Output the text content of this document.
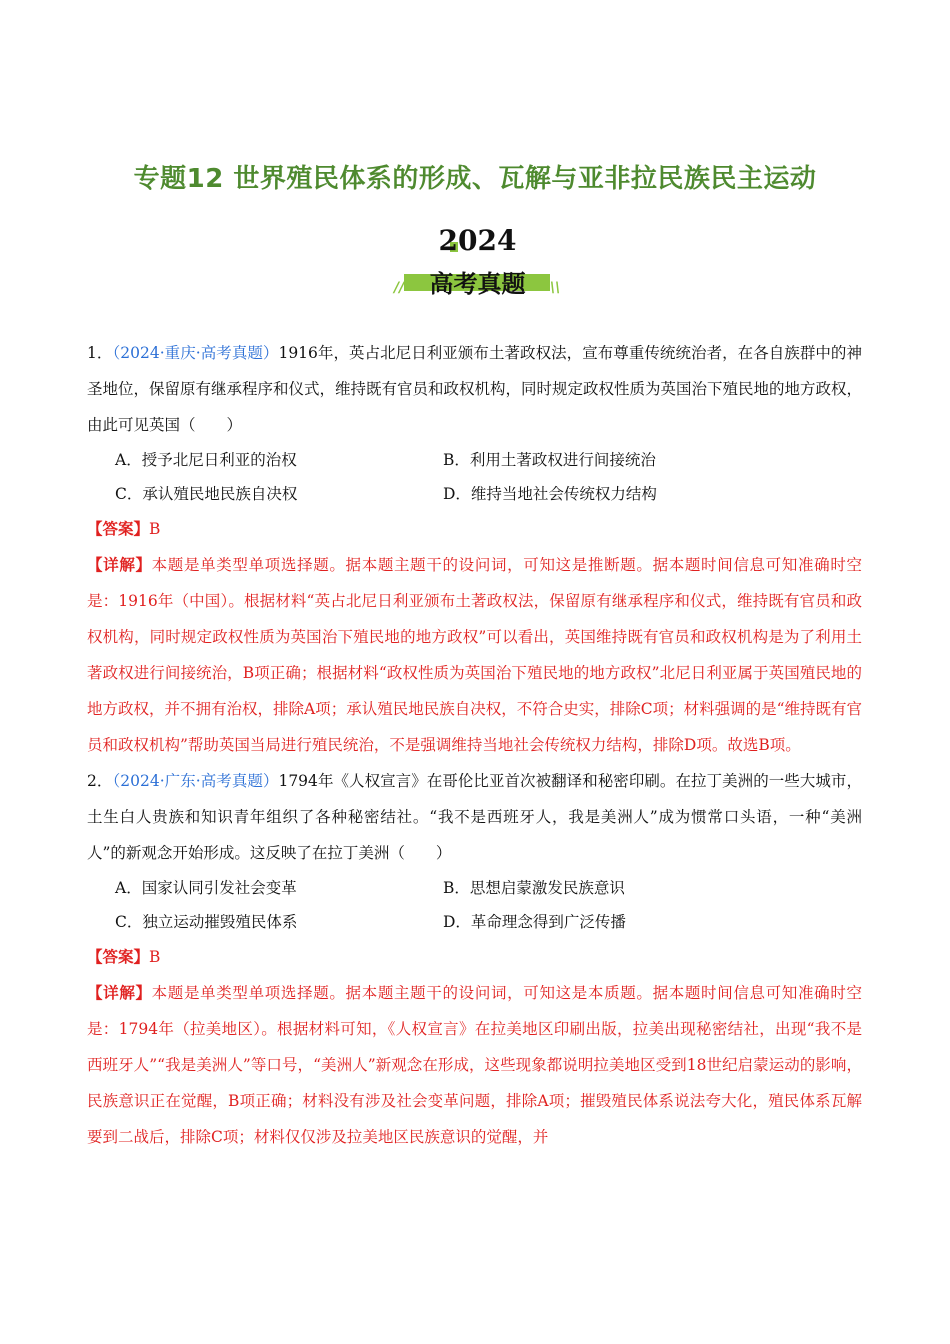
专题12 世界殖民体系的形成、瓦解与亚非拉民族民主运动
//	\\
2024
高考真题

1．（2024·重庆·高考真题）1916年，英占北尼日利亚颁布土著政权法，宣布尊重传统统治者，在各自族群中的神圣地位，保留原有继承程序和仪式，维持既有官员和政权机构，同时规定政权性质为英国治下殖民地的地方政权，由此可见英国（　　）

A．授予北尼日利亚的治权	B．利用土著政权进行间接统治
C．承认殖民地民族自决权	D．维持当地社会传统权力结构

【答案】B

【详解】本题是单类型单项选择题。据本题主题干的设问词，可知这是推断题。据本题时间信息可知准确时空是：1916年（中国）。根据材料“英占北尼日利亚颁布土著政权法，保留原有继承程序和仪式，维持既有官员和政权机构，同时规定政权性质为英国治下殖民地的地方政权”可以看出，英国维持既有官员和政权机构是为了利用土著政权进行间接统治，B项正确；根据材料“政权性质为英国治下殖民地的地方政权”北尼日利亚属于英国殖民地的地方政权，并不拥有治权，排除A项；承认殖民地民族自决权，不符合史实，排除C项；材料强调的是“维持既有官员和政权机构”帮助英国当局进行殖民统治，不是强调维持当地社会传统权力结构，排除D项。故选B项。

2．（2024·广东·高考真题）1794年《人权宣言》在哥伦比亚首次被翻译和秘密印刷。在拉丁美洲的一些大城市，土生白人贵族和知识青年组织了各种秘密结社。“我不是西班牙人，我是美洲人”成为惯常口头语，一种“美洲人”的新观念开始形成。这反映了在拉丁美洲（　　）

A．国家认同引发社会变革	B．思想启蒙激发民族意识
C．独立运动摧毁殖民体系	D．革命理念得到广泛传播

【答案】B

【详解】本题是单类型单项选择题。据本题主题干的设问词，可知这是本质题。据本题时间信息可知准确时空是：1794年（拉美地区）。根据材料可知，《人权宣言》在拉美地区印刷出版，拉美出现秘密结社，出现“我不是西班牙人”“我是美洲人”等口号，“美洲人”新观念在形成，这些现象都说明拉美地区受到18世纪启蒙运动的影响，民族意识正在觉醒，B项正确；材料没有涉及社会变革问题，排除A项；摧毁殖民体系说法夸大化，殖民体系瓦解要到二战后，排除C项；材料仅仅涉及拉美地区民族意识的觉醒，并
